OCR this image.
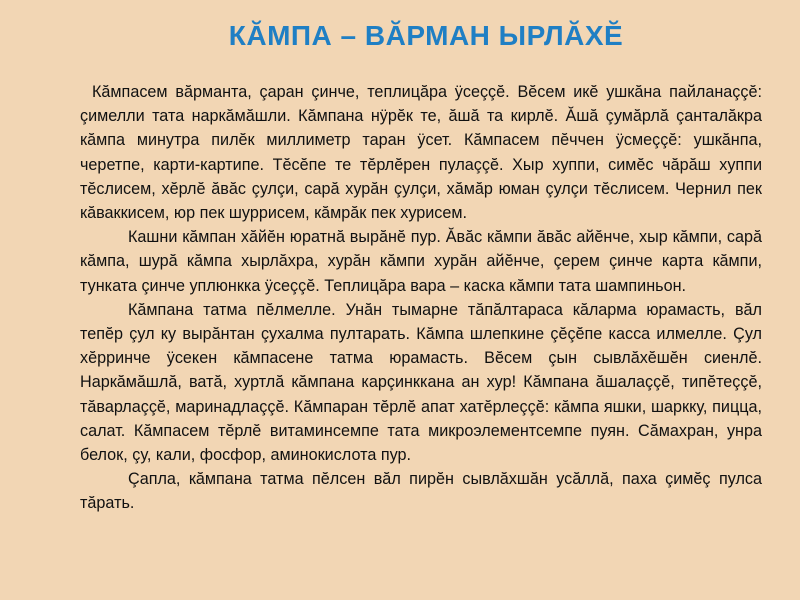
КĂМПА – ВĂРМАН ЫРЛĂХĔ

Кăмпасем вăрманта, çаран çинче, теплицăра ÿсеççĕ. Вĕсем икĕ ушкăна пайланаççĕ: çимелли тата наркăмăшли. Кăмпана нÿрĕк те, ăшă та кирлĕ. Ăшă çумăрлă çанталăкра кăмпа минутра пилĕк миллиметр таран ÿсет. Кăмпасем пĕччен ÿсмеççĕ: ушкăнпа, черетпе, карти-картипе. Тĕсĕпе те тĕрлĕрен пулаççĕ. Хыр хуппи, симĕс чăрăш хуппи тĕслисем, хĕрлĕ ăвăс çулçи, сарă хурăн çулçи, хăмăр юман çулçи тĕслисем. Чернил пек кăваккисем, юр пек шуррисем, кăмрăк пек хурисем.

Кашни кăмпан хăйĕн юратнă вырăнĕ пур. Ăвăс кăмпи ăвăс айĕнче, хыр кăмпи, сарă кăмпа, шурă кăмпа хырлăхра, хурăн кăмпи хурăн айĕнче, çерем çинче карта кăмпи, тунката çинче уплюнкка ÿсеççĕ. Теплицăра вара – каска кăмпи тата шампиньон.

Кăмпана татма пĕлмелле. Унăн тымарне тăпăлтараса кăларма юрамасть, вăл тепĕр çул ку вырăнтан çухалма пултарать. Кăмпа шлепкине çĕçĕпе касса илмелле. Çул хĕрринче ÿсекен кăмпасене татма юрамасть. Вĕсем çын сывлăхĕшĕн сиенлĕ. Наркăмăшлă, ватă, хуртлă кăмпана карçинккана ан хур! Кăмпана ăшалаççĕ, типĕтеççĕ, тăварлаççĕ, маринадлаççĕ. Кăмпаран тĕрлĕ апат хатĕрлеççĕ: кăмпа яшки, шаркку, пицца, салат. Кăмпасем тĕрлĕ витаминсемпе тата микроэлементсемпе пуян. Сăмахран, унра белок, çу, кали, фосфор, аминокислота пур.

Çапла, кăмпана татма пĕлсен вăл пирĕн сывлăхшăн усăллă, паха çимĕç пулса тăрать.
